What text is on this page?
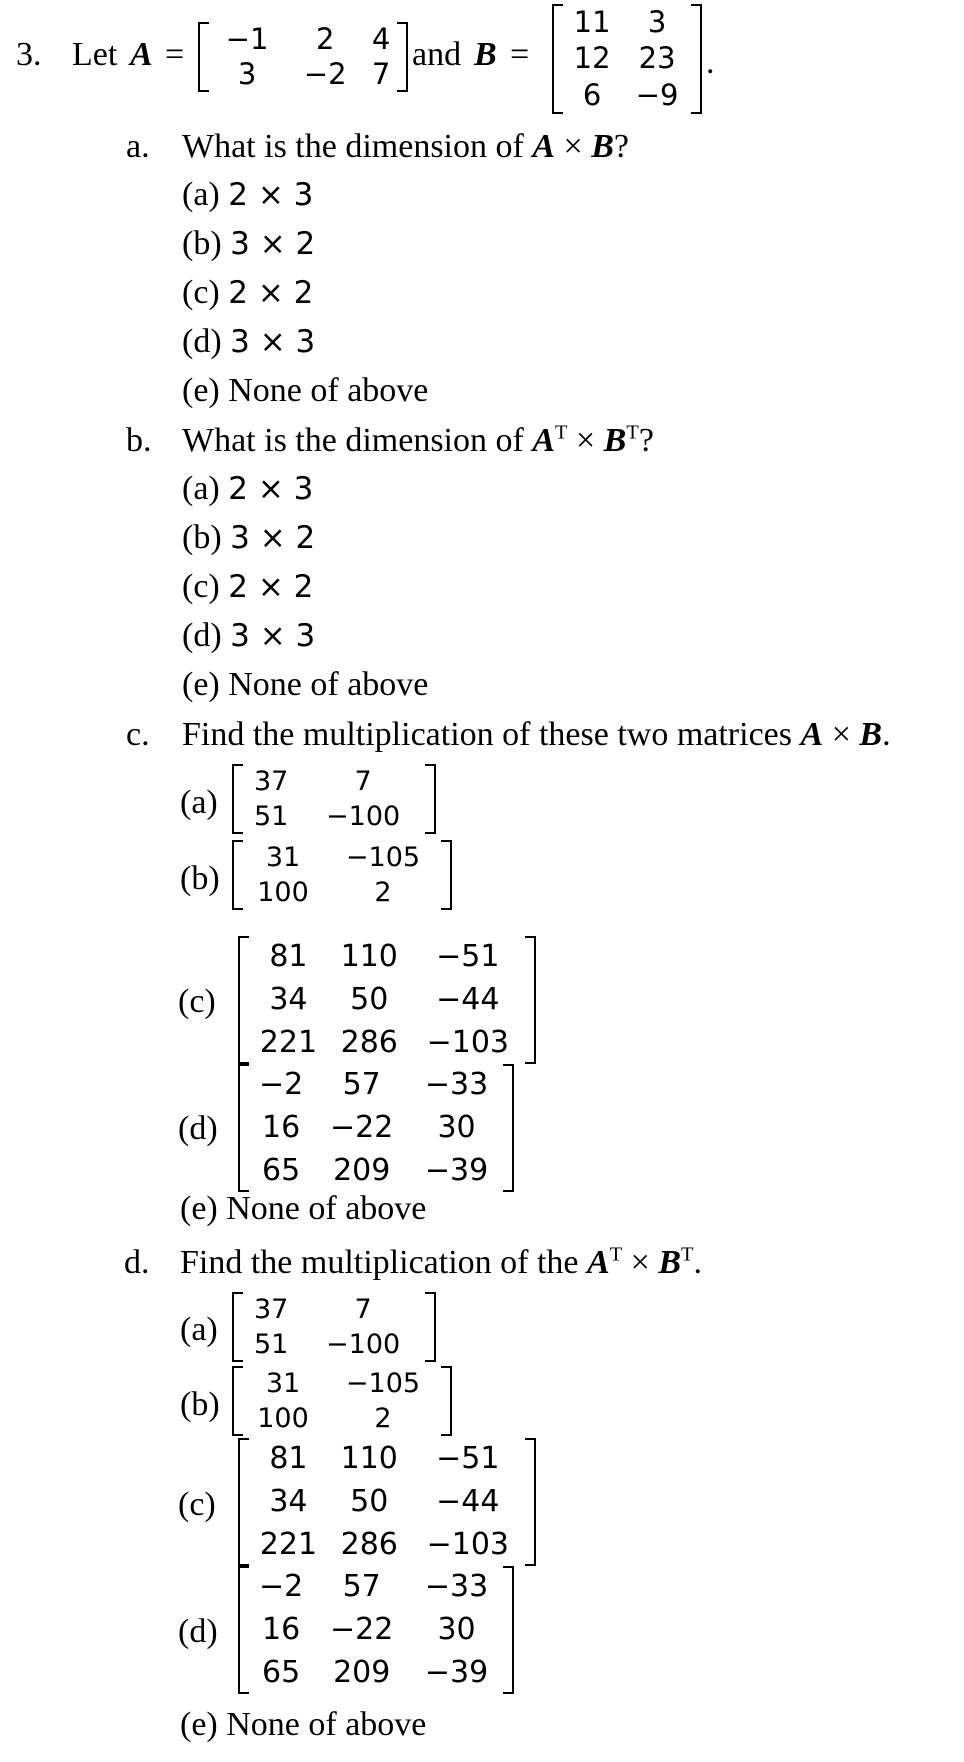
3. Let A = −1	2	4
3	−2	7
and B =
11	3
12	23
6	−9
.
a. What is the dimension of A × B?
(a) 2 × 3
(b) 3 × 2
(c) 2 × 2
(d) 3 × 3
(e) None of above
b. What is the dimension of $A^T \times B^T$?
(a) 2 × 3
(b) 3 × 2
(c) 2 × 2
(d) 3 × 3
(e) None of above
c. Find the multiplication of these two matrices A × B.
(a)
37	7
51	−100
(b)
31	−105
100	2
(c)
81	110	−51
34	50	−44
221	286	−103
(d)
−2	57	−33
16	−22	30
65	209	−39
(e) None of above
d. Find the multiplication of the $A^T \times B^T$.
(a)
37	7
51	−100
(b)
31	−105
100	2
(c)
81	110	−51
34	50	−44
221	286	−103
(d)
−2	57	−33
16	−22	30
65	209	−39
(e) None of above
